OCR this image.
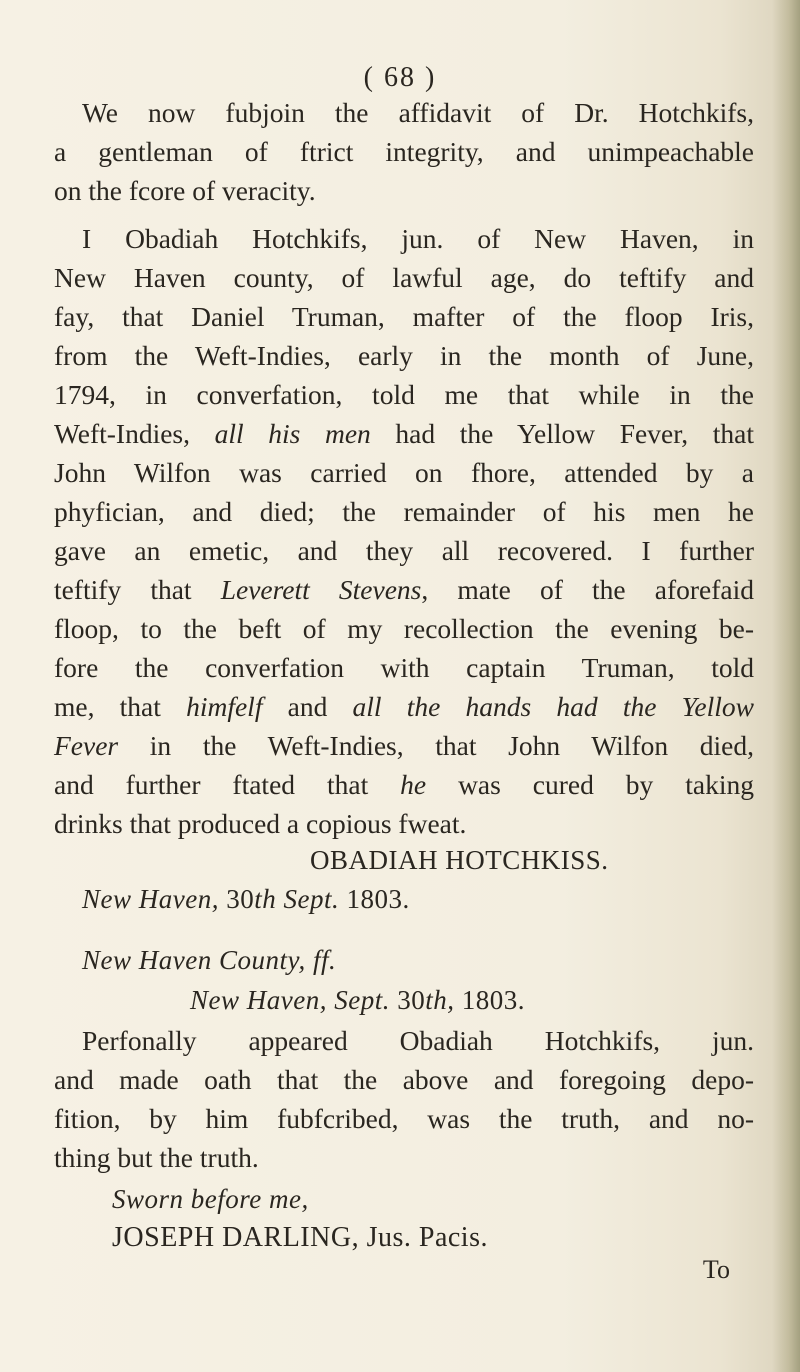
( 68 )
We now fubjoin the affidavit of Dr. Hotchkifs,
a gentleman of ftrict integrity, and unimpeachable
on the fcore of veracity.
I Obadiah Hotchkifs, jun. of New Haven, in
New Haven county, of lawful age, do teftify and
fay, that Daniel Truman, mafter of the floop Iris,
from the Weft-Indies, early in the month of June,
1794, in converfation, told me that while in the
Weft-Indies, all his men had the Yellow Fever, that
John Wilfon was carried on fhore, attended by a
phyfician, and died; the remainder of his men he
gave an emetic, and they all recovered. I further
teftify that Leverett Stevens, mate of the aforefaid
floop, to the beft of my recollection the evening be-
fore the converfation with captain Truman, told
me, that himfelf and all the hands had the Yellow
Fever in the Weft-Indies, that John Wilfon died,
and further ftated that he was cured by taking
drinks that produced a copious fweat.
OBADIAH HOTCHKISS.
New Haven, 30th Sept. 1803.
New Haven County, ff.
New Haven, Sept. 30th, 1803.
Perfonally appeared Obadiah Hotchkifs, jun.
and made oath that the above and foregoing depo-
fition, by him fubfcribed, was the truth, and no-
thing but the truth.
Sworn before me,
JOSEPH DARLING, Jus. Pacis.
To
